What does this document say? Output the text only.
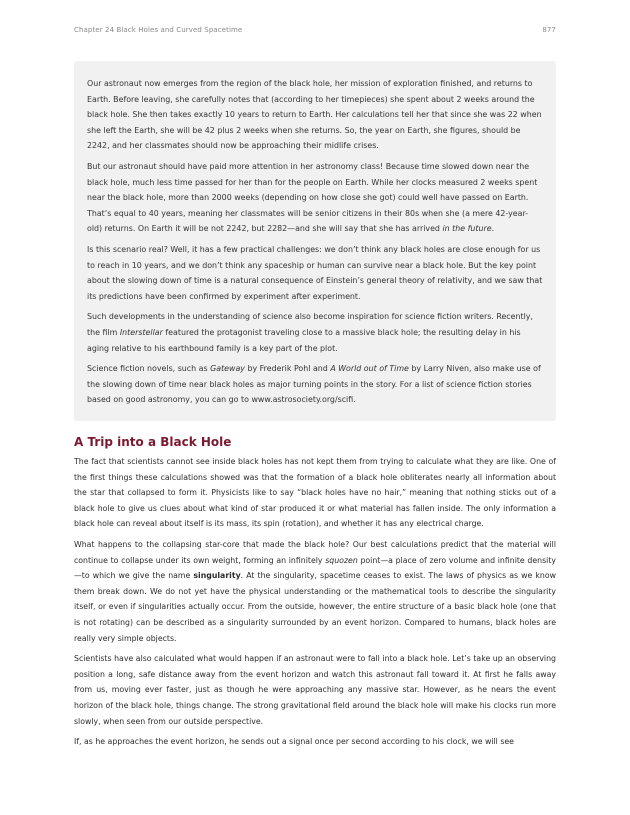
Chapter 24 Black Holes and Curved Spacetime	877

Our astronaut now emerges from the region of the black hole, her mission of exploration finished, and returns to Earth. Before leaving, she carefully notes that (according to her timepieces) she spent about 2 weeks around the black hole. She then takes exactly 10 years to return to Earth. Her calculations tell her that since she was 22 when she left the Earth, she will be 42 plus 2 weeks when she returns. So, the year on Earth, she figures, should be 2242, and her classmates should now be approaching their midlife crises.

But our astronaut should have paid more attention in her astronomy class! Because time slowed down near the black hole, much less time passed for her than for the people on Earth. While her clocks measured 2 weeks spent near the black hole, more than 2000 weeks (depending on how close she got) could well have passed on Earth. That’s equal to 40 years, meaning her classmates will be senior citizens in their 80s when she (a mere 42-year-old) returns. On Earth it will be not 2242, but 2282—and she will say that she has arrived in the future.

Is this scenario real? Well, it has a few practical challenges: we don’t think any black holes are close enough for us to reach in 10 years, and we don’t think any spaceship or human can survive near a black hole. But the key point about the slowing down of time is a natural consequence of Einstein’s general theory of relativity, and we saw that its predictions have been confirmed by experiment after experiment.

Such developments in the understanding of science also become inspiration for science fiction writers. Recently, the film Interstellar featured the protagonist traveling close to a massive black hole; the resulting delay in his aging relative to his earthbound family is a key part of the plot.

Science fiction novels, such as Gateway by Frederik Pohl and A World out of Time by Larry Niven, also make use of the slowing down of time near black holes as major turning points in the story. For a list of science fiction stories based on good astronomy, you can go to www.astrosociety.org/scifi.

A Trip into a Black Hole

The fact that scientists cannot see inside black holes has not kept them from trying to calculate what they are like. One of the first things these calculations showed was that the formation of a black hole obliterates nearly all information about the star that collapsed to form it. Physicists like to say “black holes have no hair,” meaning that nothing sticks out of a black hole to give us clues about what kind of star produced it or what material has fallen inside. The only information a black hole can reveal about itself is its mass, its spin (rotation), and whether it has any electrical charge.

What happens to the collapsing star-core that made the black hole? Our best calculations predict that the material will continue to collapse under its own weight, forming an infinitely squozen point—a place of zero volume and infinite density—to which we give the name singularity. At the singularity, spacetime ceases to exist. The laws of physics as we know them break down. We do not yet have the physical understanding or the mathematical tools to describe the singularity itself, or even if singularities actually occur. From the outside, however, the entire structure of a basic black hole (one that is not rotating) can be described as a singularity surrounded by an event horizon. Compared to humans, black holes are really very simple objects.

Scientists have also calculated what would happen if an astronaut were to fall into a black hole. Let’s take up an observing position a long, safe distance away from the event horizon and watch this astronaut fall toward it. At first he falls away from us, moving ever faster, just as though he were approaching any massive star. However, as he nears the event horizon of the black hole, things change. The strong gravitational field around the black hole will make his clocks run more slowly, when seen from our outside perspective.

If, as he approaches the event horizon, he sends out a signal once per second according to his clock, we will see
